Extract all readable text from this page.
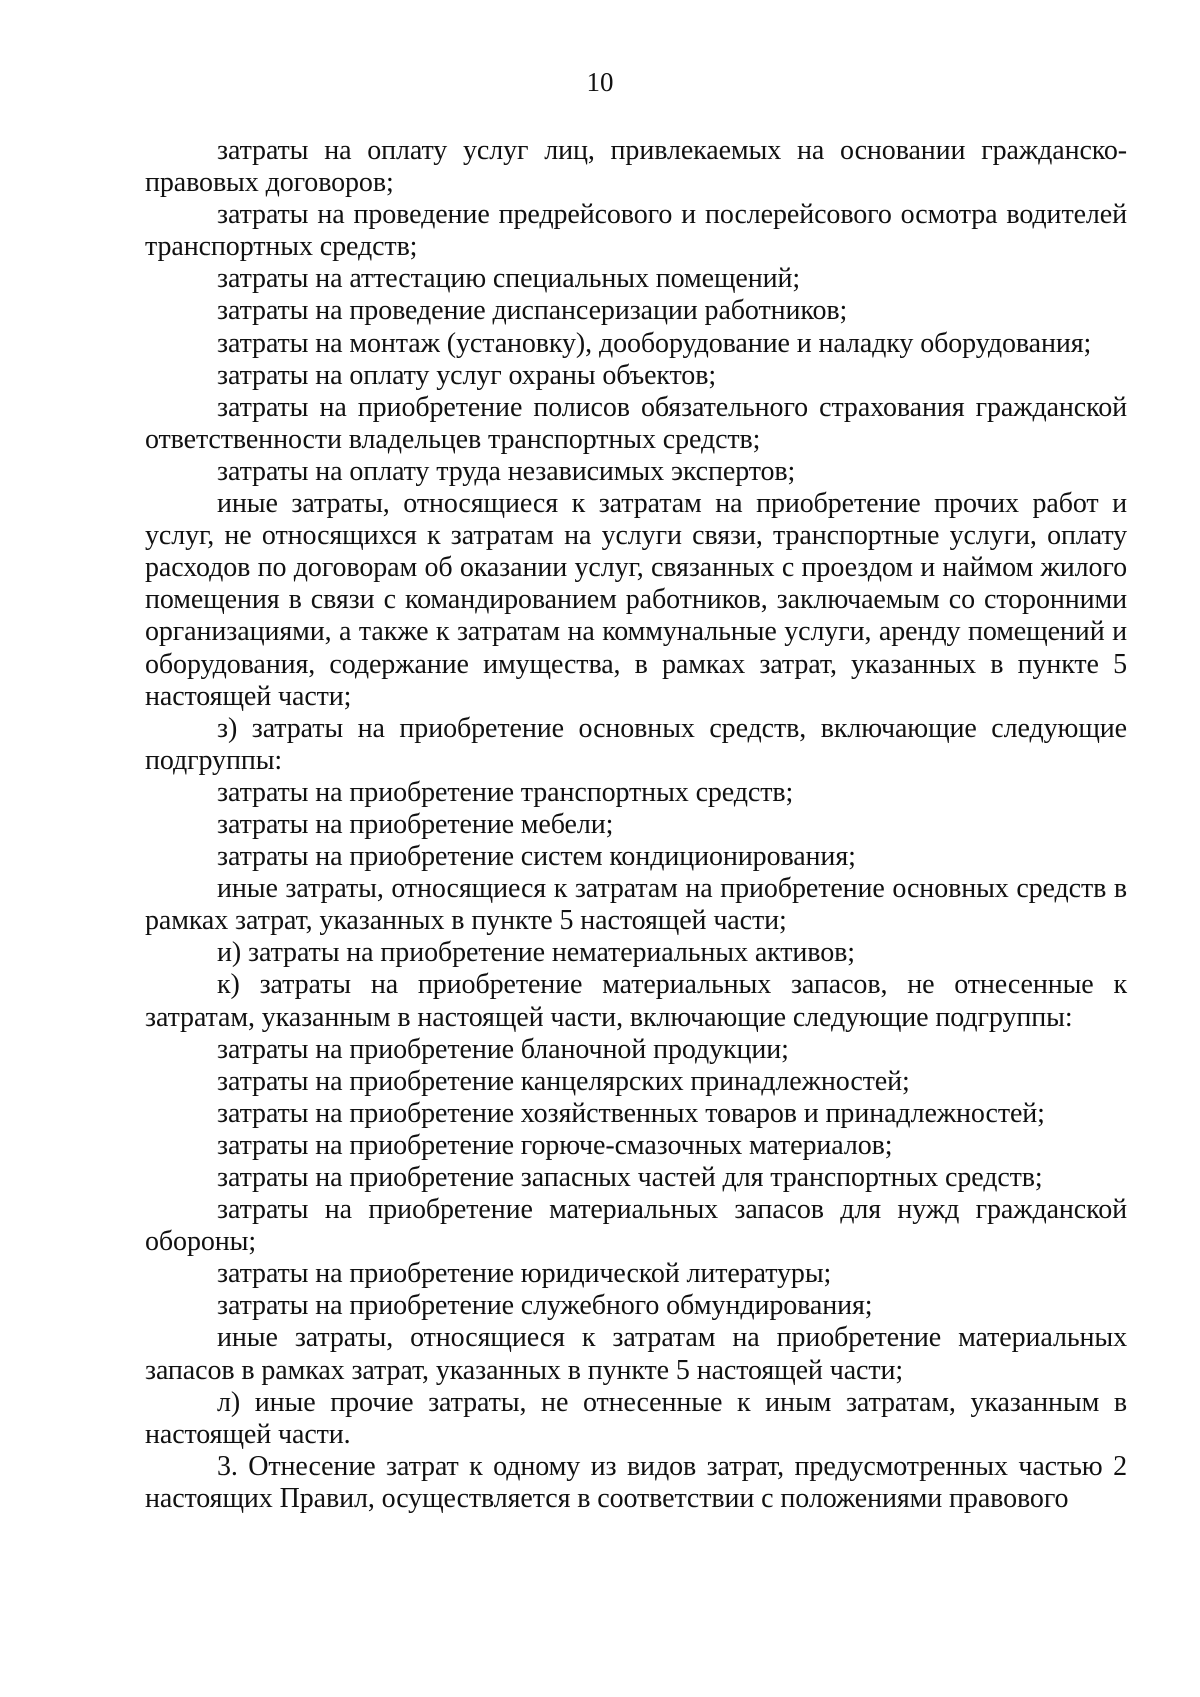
10

затраты на оплату услуг лиц, привлекаемых на основании гражданско-правовых договоров;

затраты на проведение предрейсового и послерейсового осмотра водителей транспортных средств;

затраты на аттестацию специальных помещений;

затраты на проведение диспансеризации работников;

затраты на монтаж (установку), дооборудование и наладку оборудования;

затраты на оплату услуг охраны объектов;

затраты на приобретение полисов обязательного страхования гражданской ответственности владельцев транспортных средств;

затраты на оплату труда независимых экспертов;

иные затраты, относящиеся к затратам на приобретение прочих работ и услуг, не относящихся к затратам на услуги связи, транспортные услуги, оплату расходов по договорам об оказании услуг, связанных с проездом и наймом жилого помещения в связи с командированием работников, заключаемым со сторонними организациями, а также к затратам на коммунальные услуги, аренду помещений и оборудования, содержание имущества, в рамках затрат, указанных в пункте 5 настоящей части;

з) затраты на приобретение основных средств, включающие следующие подгруппы:

затраты на приобретение транспортных средств;

затраты на приобретение мебели;

затраты на приобретение систем кондиционирования;

иные затраты, относящиеся к затратам на приобретение основных средств в рамках затрат, указанных в пункте 5 настоящей части;

и) затраты на приобретение нематериальных активов;

к) затраты на приобретение материальных запасов, не отнесенные к затратам, указанным в настоящей части, включающие следующие подгруппы:

затраты на приобретение бланочной продукции;

затраты на приобретение канцелярских принадлежностей;

затраты на приобретение хозяйственных товаров и принадлежностей;

затраты на приобретение горюче-смазочных материалов;

затраты на приобретение запасных частей для транспортных средств;

затраты на приобретение материальных запасов для нужд гражданской обороны;

затраты на приобретение юридической литературы;

затраты на приобретение служебного обмундирования;

иные затраты, относящиеся к затратам на приобретение материальных запасов в рамках затрат, указанных в пункте 5 настоящей части;

л) иные прочие затраты, не отнесенные к иным затратам, указанным в настоящей части.

3. Отнесение затрат к одному из видов затрат, предусмотренных частью 2 настоящих Правил, осуществляется в соответствии с положениями правового
